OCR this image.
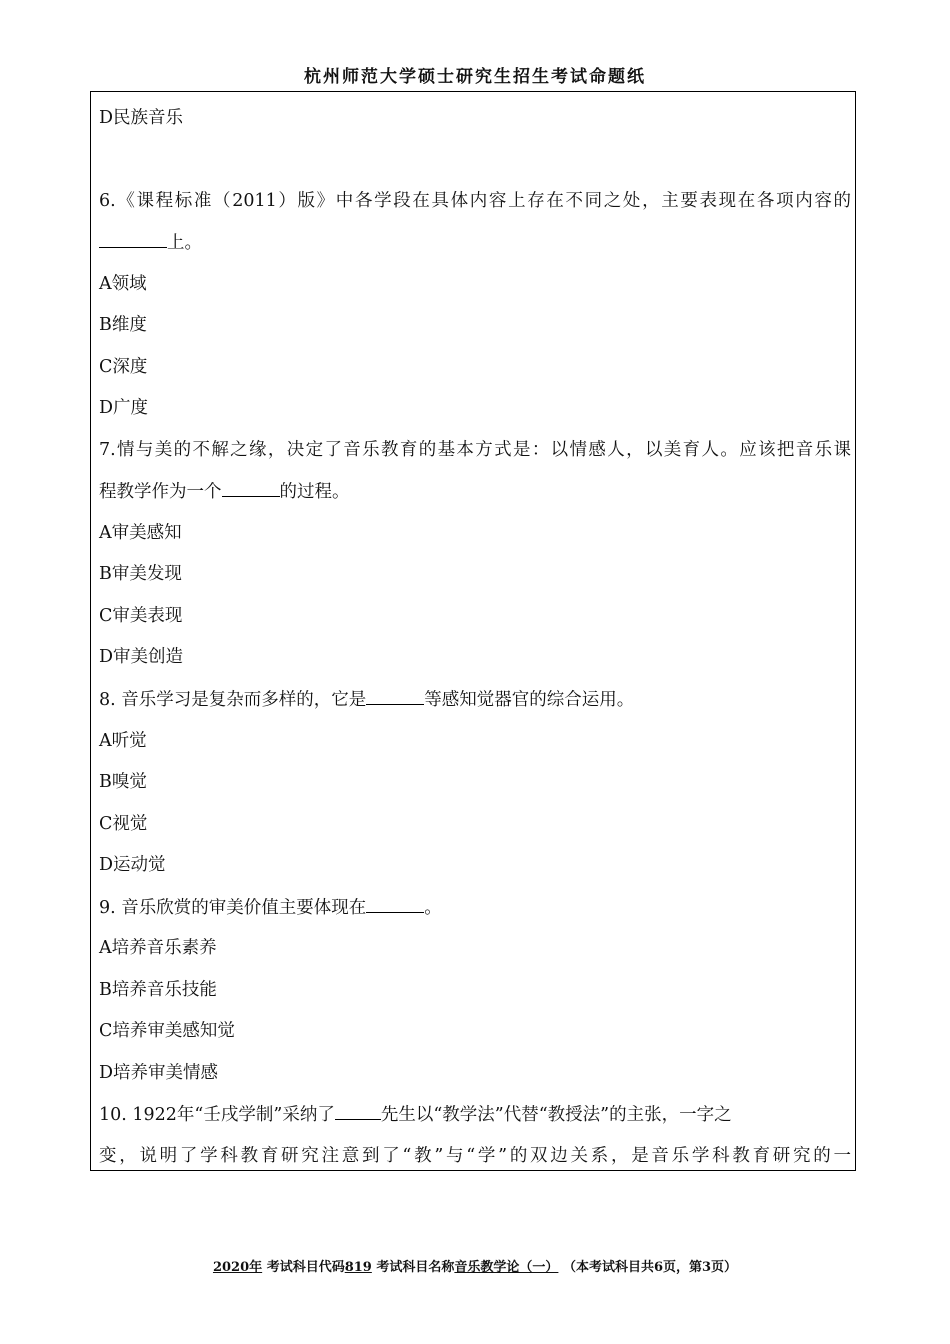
杭州师范大学硕士研究生招生考试命题纸
D民族音乐
6.《课程标准（2011）版》中各学段在具体内容上存在不同之处，主要表现在各项内容的
上。
A领域
B维度
C深度
D广度
7.情与美的不解之缘，决定了音乐教育的基本方式是：以情感人，以美育人。应该把音乐课
程教学作为一个	的过程。
A审美感知
B审美发现
C审美表现
D审美创造
8. 音乐学习是复杂而多样的，它是	等感知觉器官的综合运用。
A听觉
B嗅觉
C视觉
D运动觉
9. 音乐欣赏的审美价值主要体现在	。
A培养音乐素养
B培养音乐技能
C培养审美感知觉
D培养审美情感
10. 1922年“壬戌学制”采纳了	先生以“教学法”代替“教授法”的主张，一字之
变，说明了学科教育研究注意到了“教”与“学”的双边关系，是音乐学科教育研究的一
2020年 考试科目代码819 考试科目名称音乐教学论（一） （本考试科目共6页，第3页）
